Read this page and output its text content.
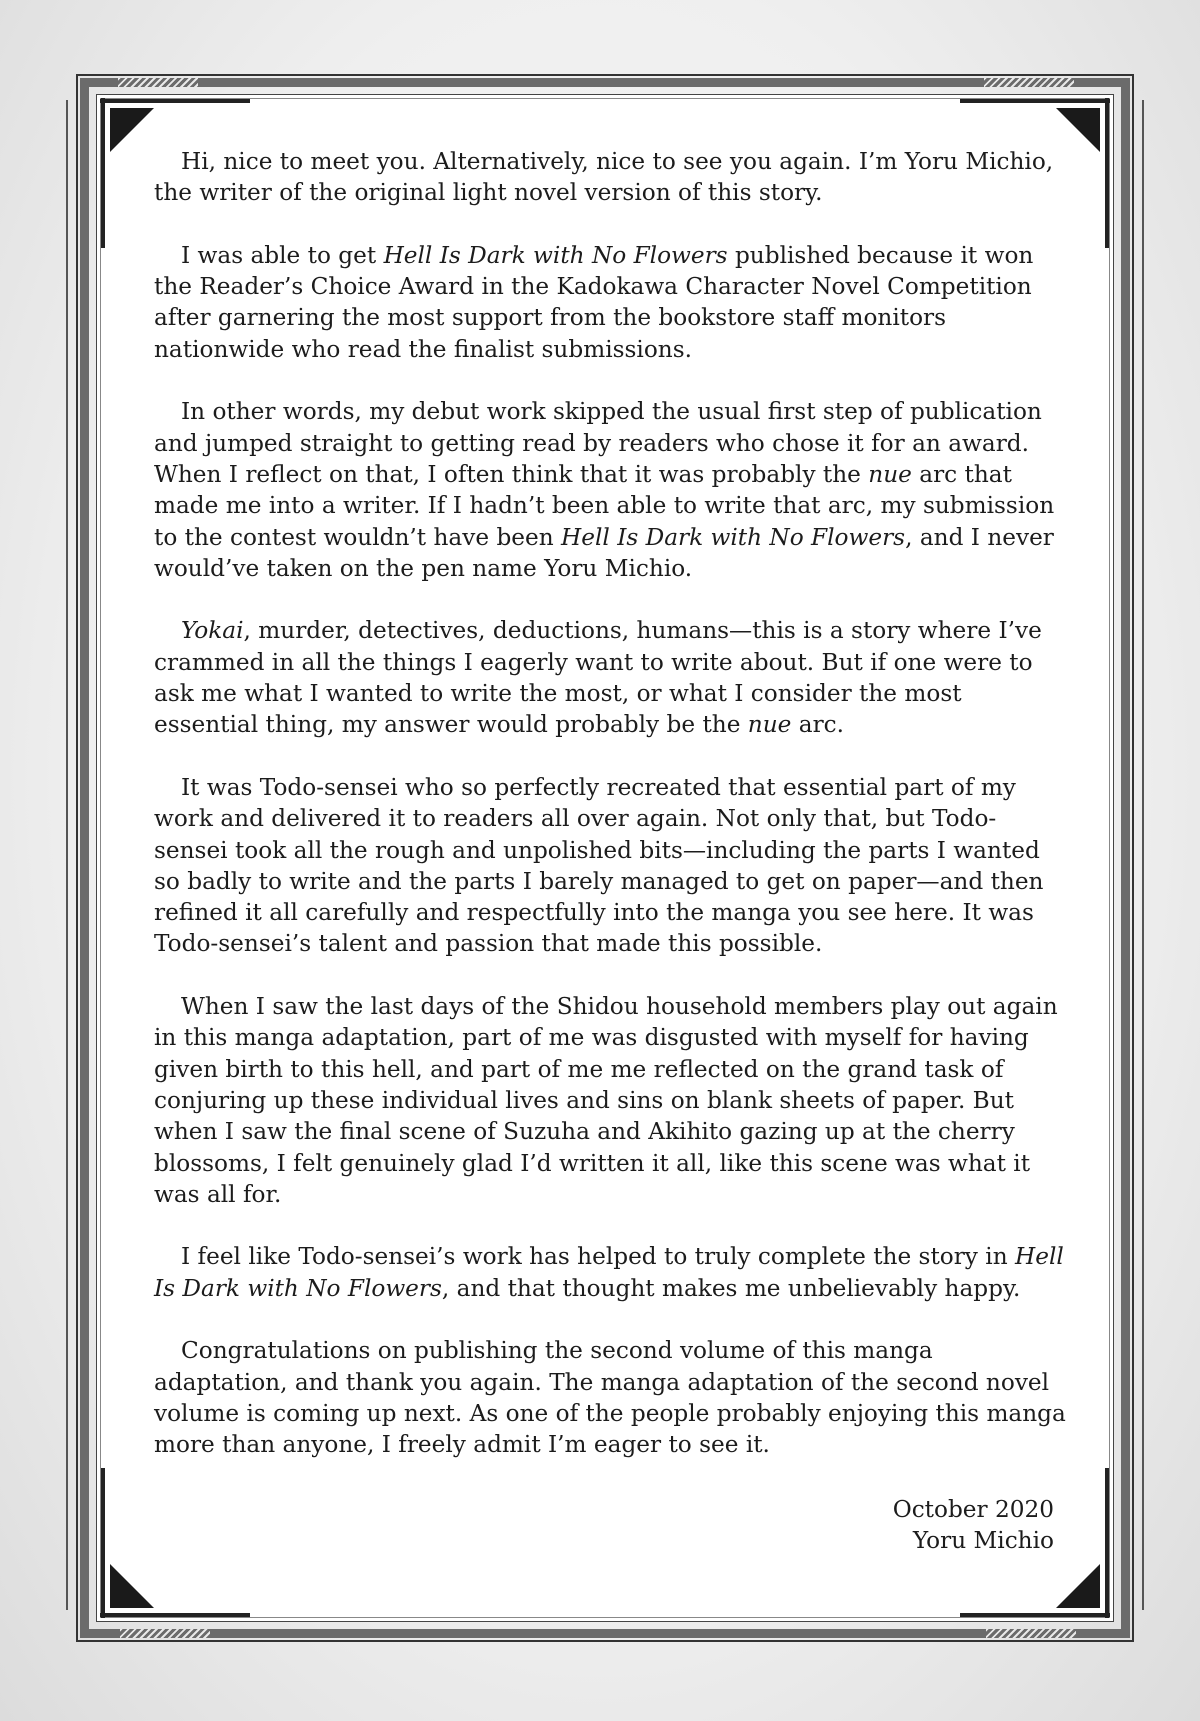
Hi, nice to meet you. Alternatively, nice to see you again. I’m Yoru Michio, the writer of the original light novel version of this story.

I was able to get Hell Is Dark with No Flowers published because it won the Reader’s Choice Award in the Kadokawa Character Novel Competition after garnering the most support from the bookstore staff monitors nationwide who read the finalist submissions.

In other words, my debut work skipped the usual first step of publication and jumped straight to getting read by readers who chose it for an award. When I reflect on that, I often think that it was probably the nue arc that made me into a writer. If I hadn’t been able to write that arc, my submission to the contest wouldn’t have been Hell Is Dark with No Flowers, and I never would’ve taken on the pen name Yoru Michio.

Yokai, murder, detectives, deductions, humans—this is a story where I’ve crammed in all the things I eagerly want to write about. But if one were to ask me what I wanted to write the most, or what I consider the most essential thing, my answer would probably be the nue arc.

It was Todo-sensei who so perfectly recreated that essential part of my work and delivered it to readers all over again. Not only that, but Todo-sensei took all the rough and unpolished bits—including the parts I wanted so badly to write and the parts I barely managed to get on paper—and then refined it all carefully and respectfully into the manga you see here. It was Todo-sensei’s talent and passion that made this possible.

When I saw the last days of the Shidou household members play out again in this manga adaptation, part of me was disgusted with myself for having given birth to this hell, and part of me me reflected on the grand task of conjuring up these individual lives and sins on blank sheets of paper. But when I saw the final scene of Suzuha and Akihito gazing up at the cherry blossoms, I felt genuinely glad I’d written it all, like this scene was what it was all for.

I feel like Todo-sensei’s work has helped to truly complete the story in Hell Is Dark with No Flowers, and that thought makes me unbelievably happy.

Congratulations on publishing the second volume of this manga adaptation, and thank you again. The manga adaptation of the second novel volume is coming up next. As one of the people probably enjoying this manga more than anyone, I freely admit I’m eager to see it.

October 2020
Yoru Michio
